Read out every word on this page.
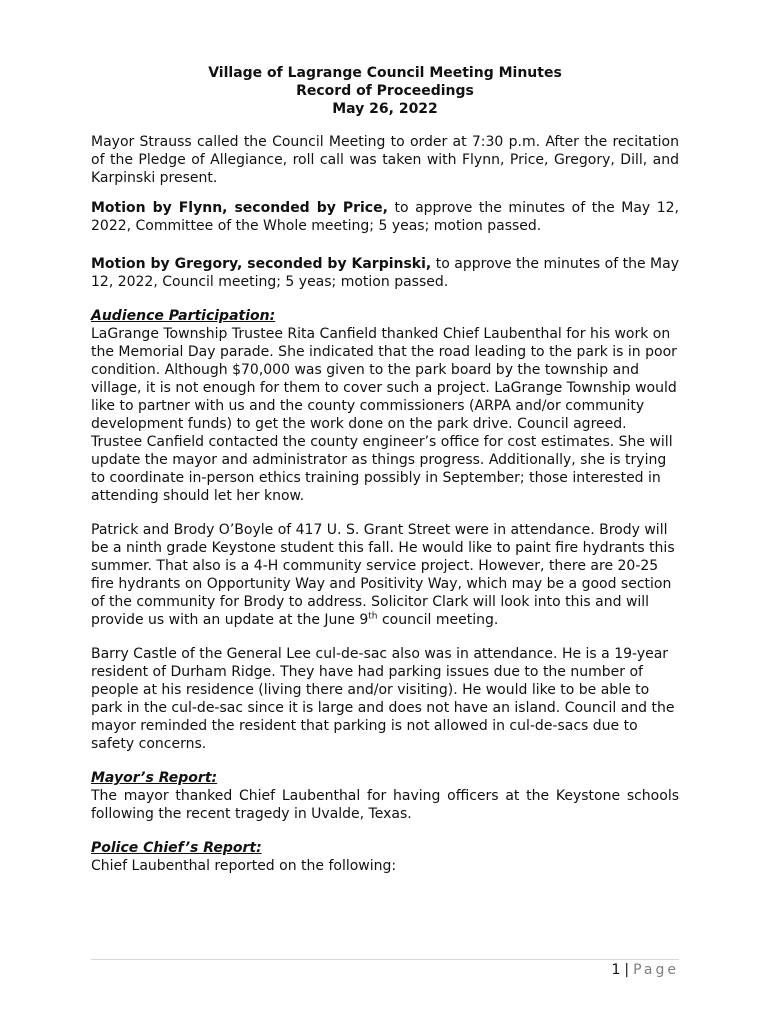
Village of Lagrange Council Meeting Minutes
Record of Proceedings
May 26, 2022

Mayor Strauss called the Council Meeting to order at 7:30 p.m. After the recitation of the Pledge of Allegiance, roll call was taken with Flynn, Price, Gregory, Dill, and Karpinski present.

Motion by Flynn, seconded by Price, to approve the minutes of the May 12, 2022, Committee of the Whole meeting; 5 yeas; motion passed.

Motion by Gregory, seconded by Karpinski, to approve the minutes of the May 12, 2022, Council meeting; 5 yeas; motion passed.

Audience Participation:

LaGrange Township Trustee Rita Canfield thanked Chief Laubenthal for his work on the Memorial Day parade. She indicated that the road leading to the park is in poor condition. Although $70,000 was given to the park board by the township and village, it is not enough for them to cover such a project. LaGrange Township would like to partner with us and the county commissioners (ARPA and/or community development funds) to get the work done on the park drive. Council agreed. Trustee Canfield contacted the county engineer’s office for cost estimates. She will update the mayor and administrator as things progress. Additionally, she is trying to coordinate in-person ethics training possibly in September; those interested in attending should let her know.

Patrick and Brody O’Boyle of 417 U. S. Grant Street were in attendance. Brody will be a ninth grade Keystone student this fall. He would like to paint fire hydrants this summer. That also is a 4-H community service project. However, there are 20-25 fire hydrants on Opportunity Way and Positivity Way, which may be a good section of the community for Brody to address. Solicitor Clark will look into this and will provide us with an update at the June 9th council meeting.

Barry Castle of the General Lee cul-de-sac also was in attendance. He is a 19-year resident of Durham Ridge. They have had parking issues due to the number of people at his residence (living there and/or visiting). He would like to be able to park in the cul-de-sac since it is large and does not have an island. Council and the mayor reminded the resident that parking is not allowed in cul-de-sacs due to safety concerns.

Mayor’s Report:

The mayor thanked Chief Laubenthal for having officers at the Keystone schools following the recent tragedy in Uvalde, Texas.

Police Chief’s Report:

Chief Laubenthal reported on the following:

1 | Page
